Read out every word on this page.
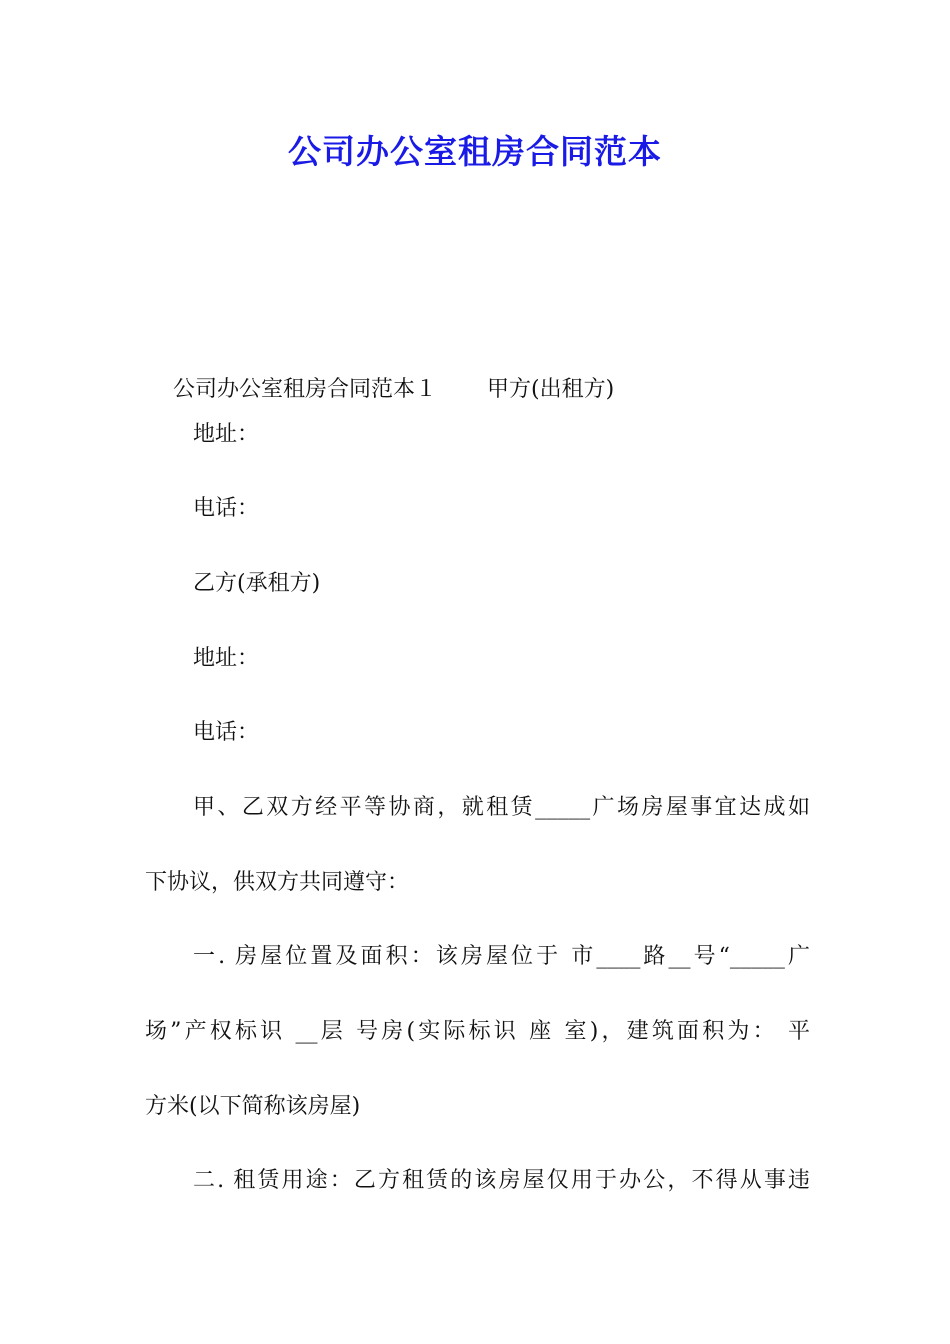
公司办公室租房合同范本

公司办公室租房合同范本１ 甲方(出租方)

地址：
电话：
乙方(承租方)
地址：
电话：
甲、乙双方经平等协商，就租赁_____广场房屋事宜达成如
下协议，供双方共同遵守：
一. 房屋位置及面积：该房屋位于 市____路__号“_____广
场”产权标识 __层 号房(实际标识 座 室)，建筑面积为： 平
方米(以下简称该房屋)
二. 租赁用途：乙方租赁的该房屋仅用于办公，不得从事违
